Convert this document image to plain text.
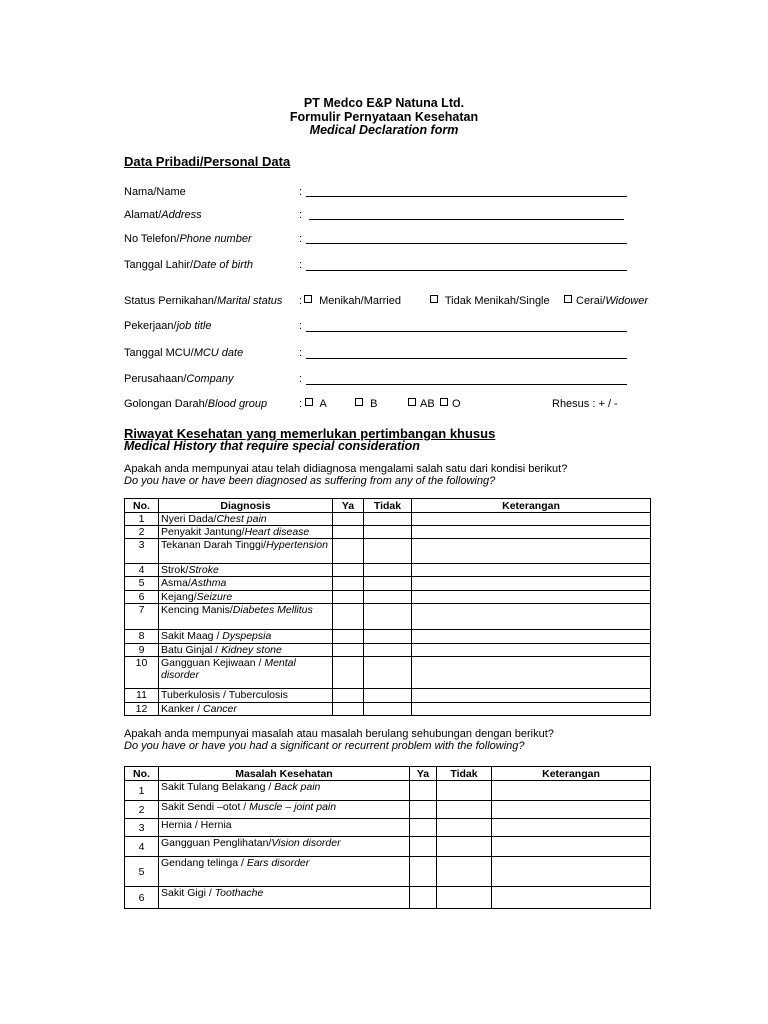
PT Medco E&P Natuna Ltd.
Formulir Pernyataan Kesehatan
Medical Declaration form
Data Pribadi/Personal Data
Nama/Name	:
Alamat/Address	:
No Telefon/Phone number	:
Tanggal Lahir/Date of birth	:
Status Pernikahan/Marital status :	Menikah/Married	Tidak Menikah/Single	Cerai/Widower
Pekerjaan/job title	:
Tanggal MCU/MCU date	:
Perusahaan/Company	:
Golongan Darah/Blood group	:	A	B	AB	O	Rhesus : + / -
Riwayat Kesehatan yang memerlukan pertimbangan khusus
Medical History that require special consideration
Apakah anda mempunyai atau telah didiagnosa mengalami salah satu dari kondisi berikut?
Do you have or have been diagnosed as suffering from any of the following?
No.	Diagnosis	Ya	Tidak	Keterangan
1	Nyeri Dada/Chest pain			
2	Penyakit Jantung/Heart disease			
3	Tekanan Darah Tinggi/Hypertension			
4	Strok/Stroke			
5	Asma/Asthma			
6	Kejang/Seizure			
7	Kencing Manis/Diabetes Mellitus			
8	Sakit Maag / Dyspepsia			
9	Batu Ginjal / Kidney stone			
10	Gangguan Kejiwaan / Mental disorder			
11	Tuberkulosis / Tuberculosis			
12	Kanker / Cancer			
Apakah anda mempunyai masalah atau masalah berulang sehubungan dengan berikut?
Do you have or have you had a significant or recurrent problem with the following?
No.	Masalah Kesehatan	Ya	Tidak	Keterangan
1	Sakit Tulang Belakang / Back pain			
2	Sakit Sendi –otot / Muscle – joint pain			
3	Hernia / Hernia			
4	Gangguan Penglihatan/Vision disorder			
5	Gendang telinga / Ears disorder			
6	Sakit Gigi / Toothache			
